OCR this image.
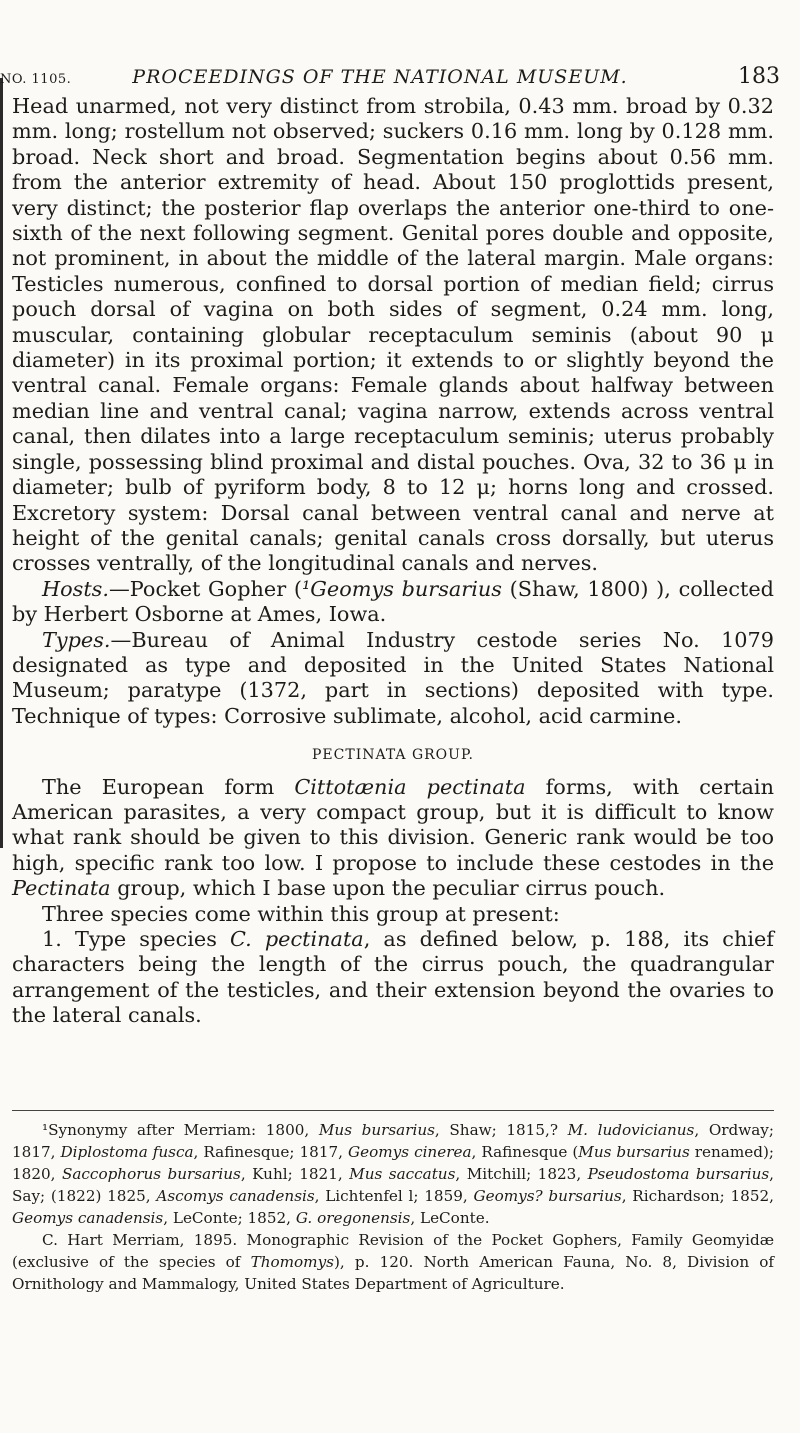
NO. 1105.	PROCEEDINGS OF THE NATIONAL MUSEUM.	183

Head unarmed, not very distinct from strobila, 0.43 mm. broad by 0.32 mm. long; rostellum not observed; suckers 0.16 mm. long by 0.128 mm. broad. Neck short and broad. Segmentation begins about 0.56 mm. from the anterior extremity of head. About 150 proglottids present, very distinct; the posterior flap overlaps the anterior one-third to one-sixth of the next following segment. Genital pores double and opposite, not prominent, in about the middle of the lateral margin. Male organs: Testicles numerous, confined to dorsal portion of median field; cirrus pouch dorsal of vagina on both sides of segment, 0.24 mm. long, muscular, containing globular receptaculum seminis (about 90 μ diameter) in its proximal portion; it extends to or slightly beyond the ventral canal. Female organs: Female glands about halfway between median line and ventral canal; vagina narrow, extends across ventral canal, then dilates into a large receptaculum seminis; uterus probably single, possessing blind proximal and distal pouches. Ova, 32 to 36 μ in diameter; bulb of pyriform body, 8 to 12 μ; horns long and crossed. Excretory system: Dorsal canal between ventral canal and nerve at height of the genital canals; genital canals cross dorsally, but uterus crosses ventrally, of the longitudinal canals and nerves.

Hosts.—Pocket Gopher (¹Geomys bursarius (Shaw, 1800) ), collected by Herbert Osborne at Ames, Iowa.

Types.—Bureau of Animal Industry cestode series No. 1079 designated as type and deposited in the United States National Museum; paratype (1372, part in sections) deposited with type. Technique of types: Corrosive sublimate, alcohol, acid carmine.

PECTINATA GROUP.

The European form Cittotænia pectinata forms, with certain American parasites, a very compact group, but it is difficult to know what rank should be given to this division. Generic rank would be too high, specific rank too low. I propose to include these cestodes in the Pectinata group, which I base upon the peculiar cirrus pouch.

Three species come within this group at present:

1. Type species C. pectinata, as defined below, p. 188, its chief characters being the length of the cirrus pouch, the quadrangular arrangement of the testicles, and their extension beyond the ovaries to the lateral canals.

¹Synonymy after Merriam: 1800, Mus bursarius, Shaw; 1815,? M. ludovicianus, Ordway; 1817, Diplostoma fusca, Rafinesque; 1817, Geomys cinerea, Rafinesque (Mus bursarius renamed); 1820, Saccophorus bursarius, Kuhl; 1821, Mus saccatus, Mitchill; 1823, Pseudostoma bursarius, Say; (1822) 1825, Ascomys canadensis, Lichtenfel l; 1859, Geomys? bursarius, Richardson; 1852, Geomys canadensis, LeConte; 1852, G. oregonensis, LeConte.

C. Hart Merriam, 1895. Monographic Revision of the Pocket Gophers, Family Geomyidæ (exclusive of the species of Thomomys), p. 120. North American Fauna, No. 8, Division of Ornithology and Mammalogy, United States Department of Agriculture.
